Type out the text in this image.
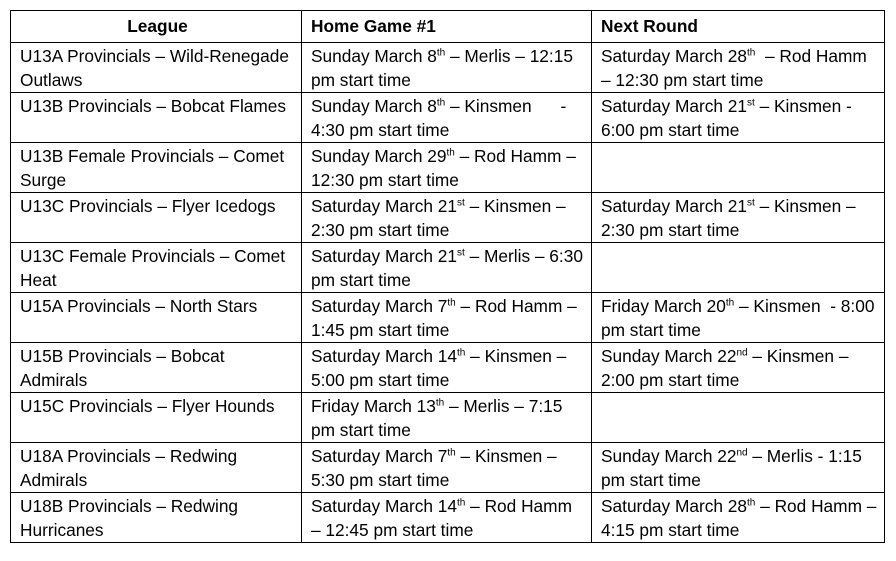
League	Home Game #1	Next Round
U13A Provincials – Wild-Renegade Outlaws	Sunday March 8th – Merlis – 12:15 pm start time	Saturday March 28th  – Rod Hamm – 12:30 pm start time
U13B Provincials – Bobcat Flames	Sunday March 8th – Kinsmen      -     4:30 pm start time	Saturday March 21st – Kinsmen - 6:00 pm start time
U13B Female Provincials – Comet Surge	Sunday March 29th – Rod Hamm – 12:30 pm start time	
U13C Provincials – Flyer Icedogs	Saturday March 21st – Kinsmen – 2:30 pm start time	Saturday March 21st – Kinsmen – 2:30 pm start time
U13C Female Provincials – Comet Heat	Saturday March 21st – Merlis – 6:30 pm start time	
U15A Provincials – North Stars	Saturday March 7th – Rod Hamm – 1:45 pm start time	Friday March 20th – Kinsmen  - 8:00 pm start time
U15B Provincials – Bobcat Admirals	Saturday March 14th – Kinsmen – 5:00 pm start time	Sunday March 22nd – Kinsmen – 2:00 pm start time
U15C Provincials – Flyer Hounds	Friday March 13th – Merlis – 7:15 pm start time	
U18A Provincials – Redwing Admirals	Saturday March 7th – Kinsmen – 5:30 pm start time	Sunday March 22nd – Merlis - 1:15 pm start time
U18B Provincials – Redwing Hurricanes	Saturday March 14th – Rod Hamm – 12:45 pm start time	Saturday March 28th – Rod Hamm – 4:15 pm start time
